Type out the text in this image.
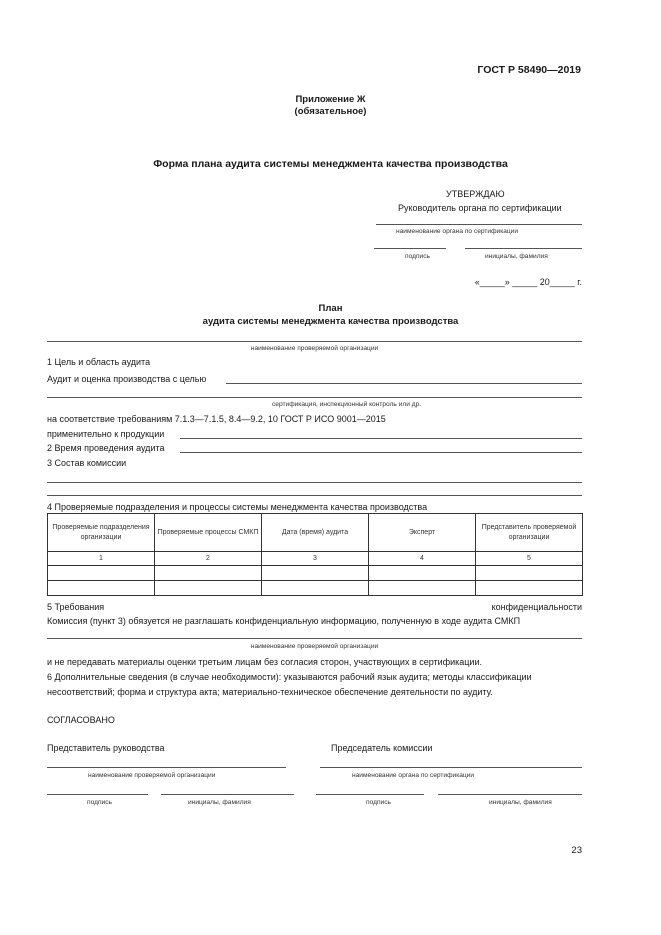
ГОСТ Р 58490—2019
Приложение Ж
(обязательное)
Форма плана аудита системы менеджмента качества производства
УТВЕРЖДАЮ
Руководитель органа по сертификации
наименование органа по сертификации
подпись	инициалы, фамилия
«_____» _____ 20_____ г.
План
аудита системы менеджмента качества производства
наименование проверяемой организации
1 Цель и область аудита
Аудит и оценка производства с целью
сертификация, инспекционный контроль или др.
на соответствие требованиям 7.1.3—7.1.5, 8.4—9.2, 10 ГОСТ Р ИСО 9001—2015
применительно к продукции
2 Время проведения аудита
3 Состав комиссии
4 Проверяемые подразделения и процессы системы менеджмента качества производства
Проверяемые подразделения организации	Проверяемые процессы СМКП	Дата (время) аудита	Эксперт	Представитель проверяемой организации
1	2	3	4	5

5 Требования	конфиденциальности
Комиссия (пункт 3) обязуется не разглашать конфиденциальную информацию, полученную в ходе аудита СМКП
наименование проверяемой организации
и не передавать материалы оценки третьим лицам без согласия сторон, участвующих в сертификации.
6 Дополнительные сведения (в случае необходимости): указываются рабочий язык аудита; методы классификации
несоответствий; форма и структура акта; материально-техническое обеспечение деятельности по аудиту.
СОГЛАСОВАНО
Представитель руководства	Председатель комиссии
наименование проверяемой организации	наименование органа по сертификации
подпись	инициалы, фамилия	подпись	инициалы, фамилия
23
